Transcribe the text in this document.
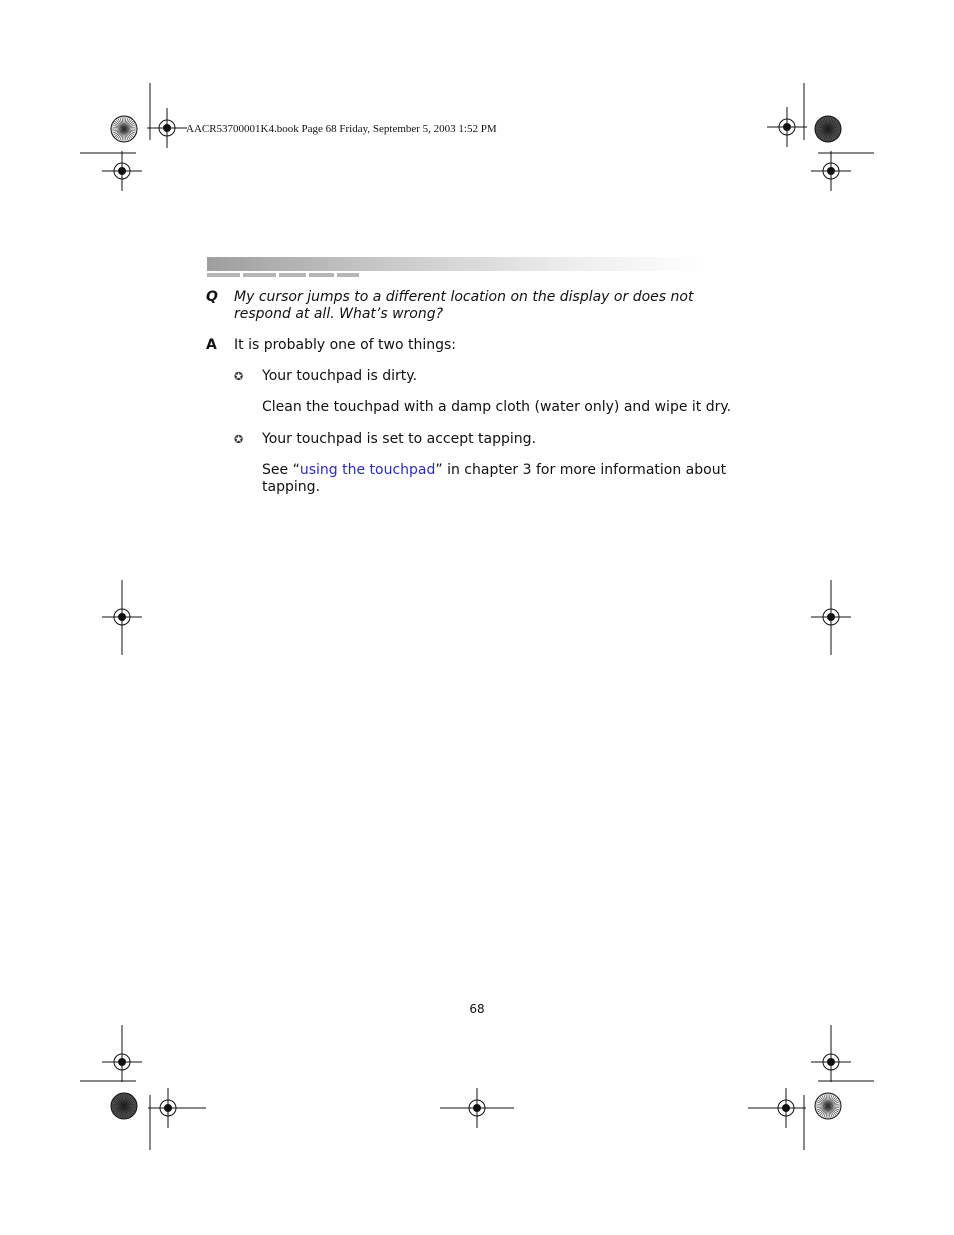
AACR53700001K4.book Page 68 Friday, September 5, 2003 1:52 PM
Q My cursor jumps to a different location on the display or does not respond at all. What’s wrong?
A It is probably one of two things:
✪ Your touchpad is dirty.
Clean the touchpad with a damp cloth (water only) and wipe it dry.
✪ Your touchpad is set to accept tapping.
See “using the touchpad” in chapter 3 for more information about tapping.
68
